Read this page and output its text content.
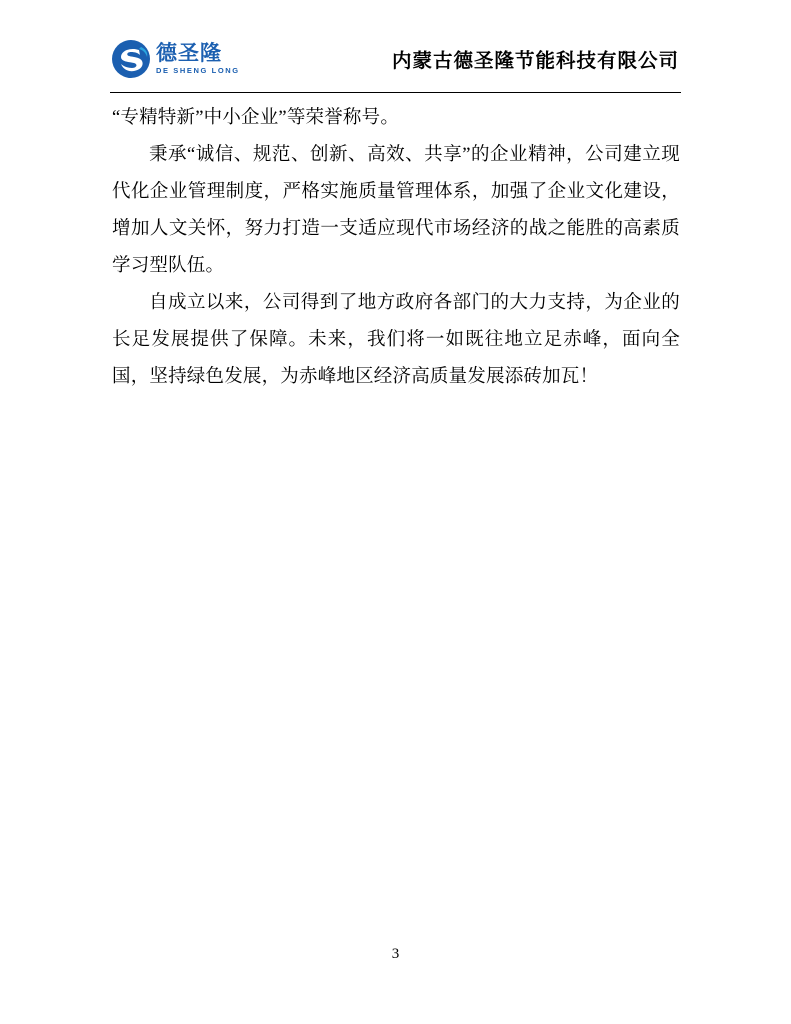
德圣隆
DE SHENG LONG	内蒙古德圣隆节能科技有限公司

“专精特新”中小企业”等荣誉称号。

秉承“诚信、规范、创新、高效、共享”的企业精神，公司建立现代化企业管理制度，严格实施质量管理体系，加强了企业文化建设，增加人文关怀，努力打造一支适应现代市场经济的战之能胜的高素质学习型队伍。

自成立以来，公司得到了地方政府各部门的大力支持，为企业的长足发展提供了保障。未来，我们将一如既往地立足赤峰，面向全国，坚持绿色发展，为赤峰地区经济高质量发展添砖加瓦！

3
